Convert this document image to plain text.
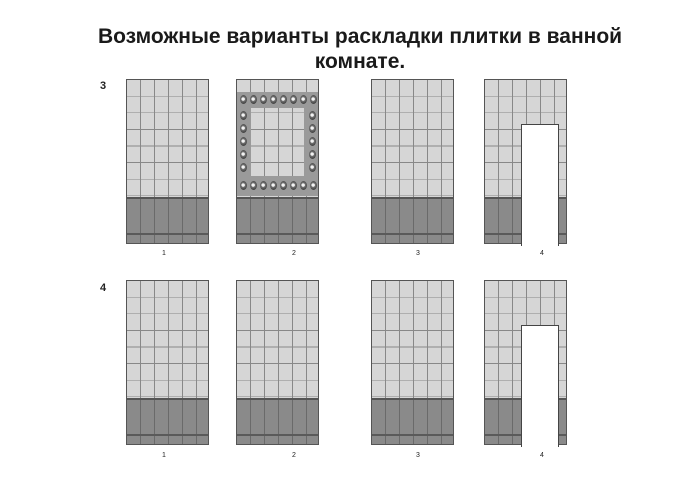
Возможные варианты раскладки плитки в ванной комнате.
3
4
1	2	3	4
1	2	3	4
